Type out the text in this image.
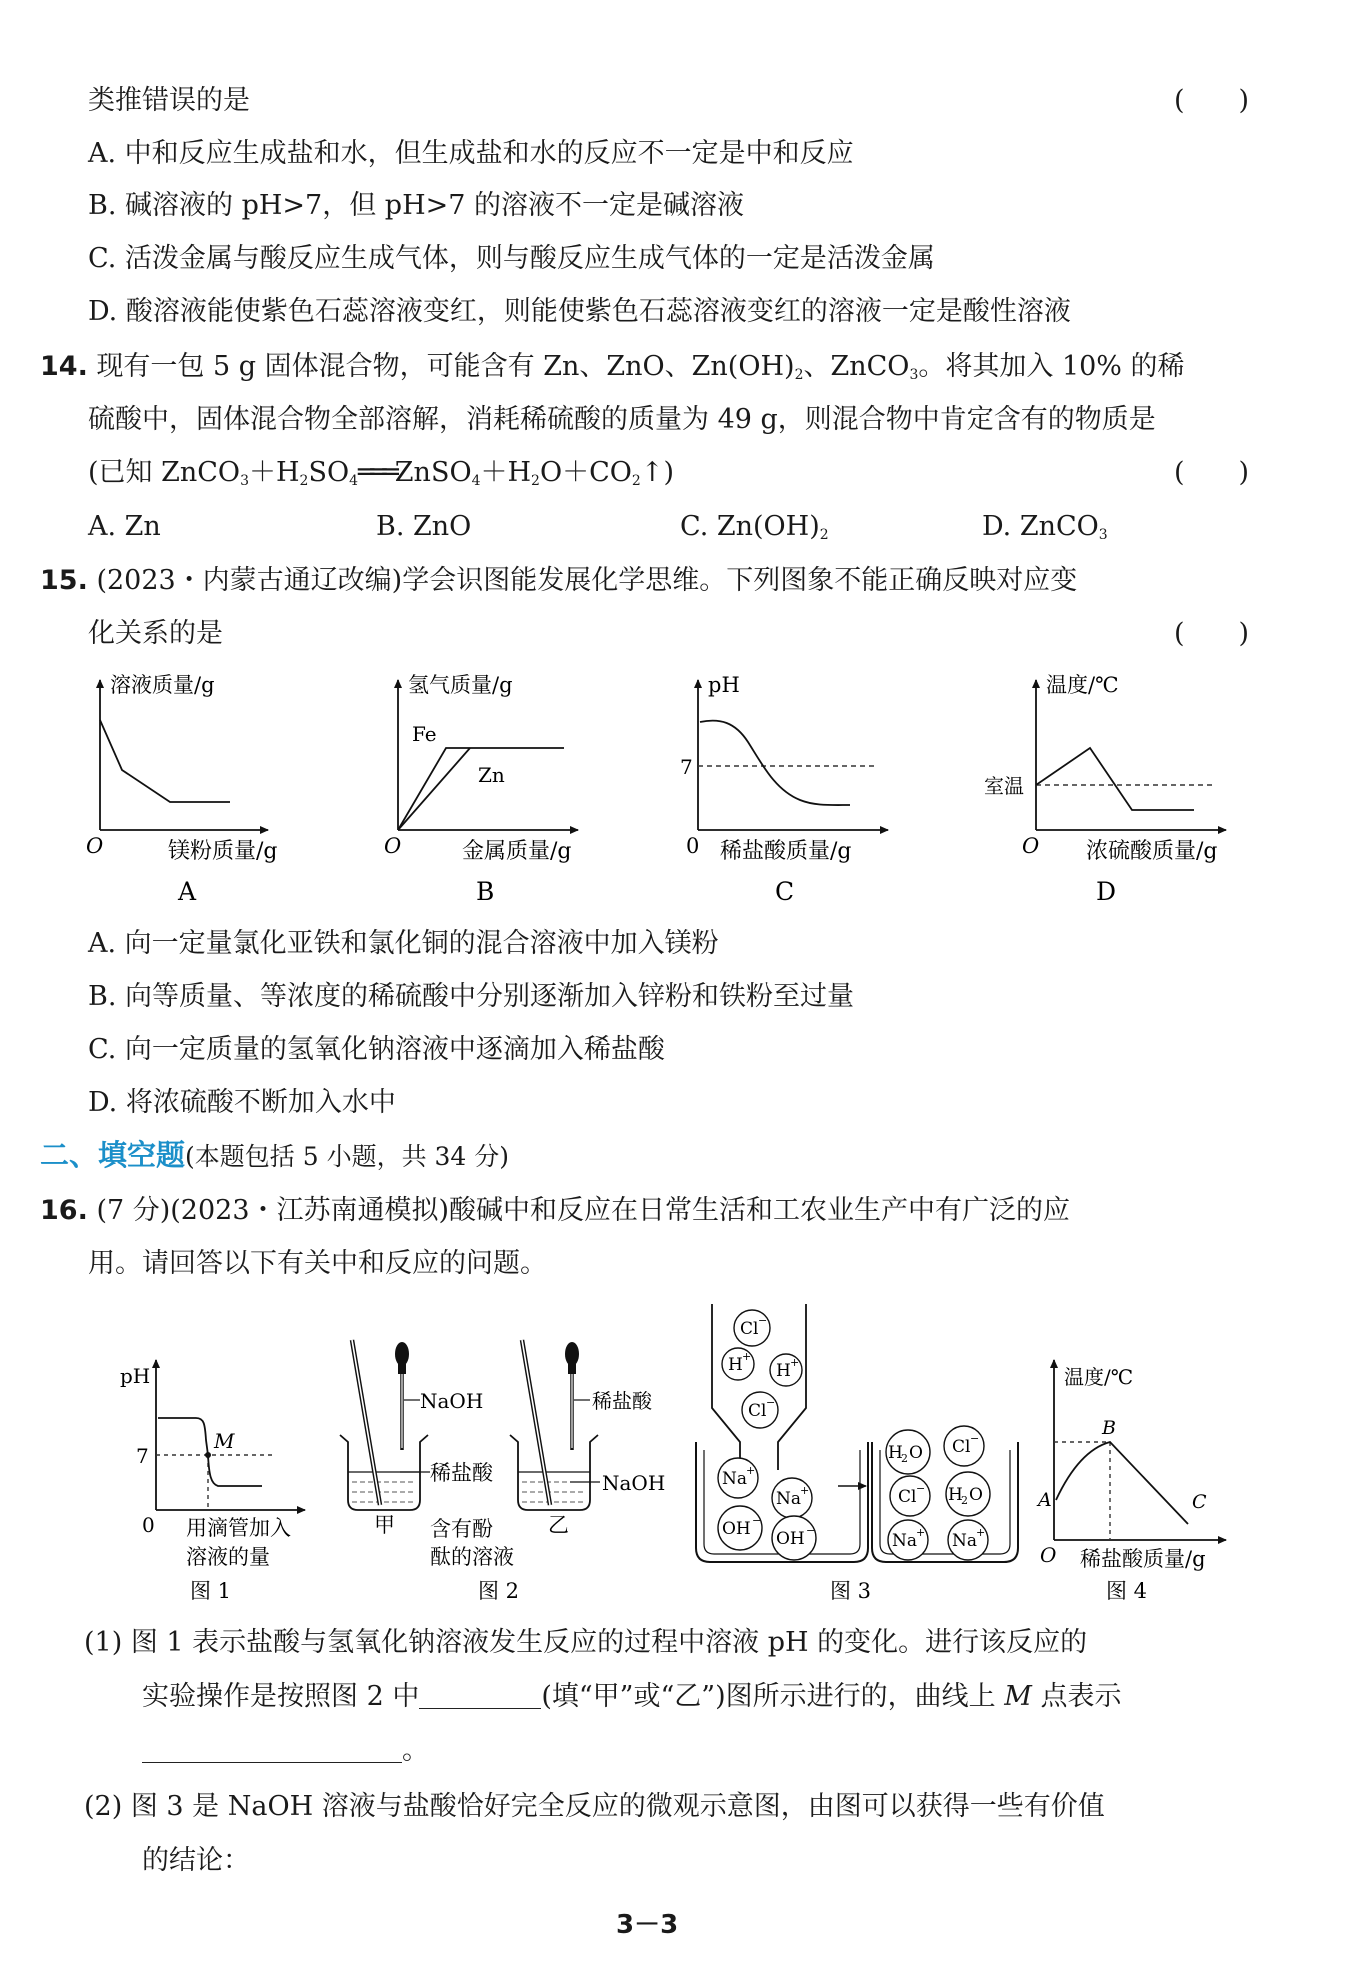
类推错误的是	(　　)
A. 中和反应生成盐和水，但生成盐和水的反应不一定是中和反应
B. 碱溶液的 pH>7，但 pH>7 的溶液不一定是碱溶液
C. 活泼金属与酸反应生成气体，则与酸反应生成气体的一定是活泼金属
D. 酸溶液能使紫色石蕊溶液变红，则能使紫色石蕊溶液变红的溶液一定是酸性溶液
14. 现有一包 5 g 固体混合物，可能含有 Zn、ZnO、$Zn(OH)_2$、ZnCO$_3$。将其加入 10% 的稀
硫酸中，固体混合物全部溶解，消耗稀硫酸的质量为 49 g，则混合物中肯定含有的物质是
(已知 $ZnCO_3+H_2SO_4═══ZnSO_4+H_2O+CO_2↑$)	(　　)
A. Zn	B. ZnO	C. $Zn(OH)_2$	D. ZnCO$_3$
15. (2023・内蒙古通辽改编)学会识图能发展化学思维。下列图象不能正确反映对应变
化关系的是	(　　)
溶液质量/g
O	镁粉质量/g
A
氢气质量/g
Fe
Zn
O	金属质量/g
B
pH
7
0 稀盐酸质量/g
C
温度/℃
室温
O 浓硫酸质量/g
D
A. 向一定量氯化亚铁和氯化铜的混合溶液中加入镁粉
B. 向等质量、等浓度的稀硫酸中分别逐渐加入锌粉和铁粉至过量
C. 向一定质量的氢氧化钠溶液中逐滴加入稀盐酸
D. 将浓硫酸不断加入水中
二、填空题(本题包括 5 小题，共 34 分)
16. (7 分)(2023・江苏南通模拟)酸碱中和反应在日常生活和工农业生产中有广泛的应
用。请回答以下有关中和反应的问题。
pH
7
M
0 用滴管加入
溶液的量
图 1
NaOH
稀盐酸
稀盐酸
NaOH
甲	乙
含有酚
酞的溶液
图 2
Cl −
H +
H +
Cl −
Na
+
Na
+
OH −
OH −
H
2 O Cl −
Cl − H
2 O
Na
+ Na
+
图 3
温度/℃
B
A	C
O 稀盐酸质量/g
图 4
(1) 图 1 表示盐酸与氢氧化钠溶液发生反应的过程中溶液 pH 的变化。进行该反应的
实验操作是按照图 2 中	(填“甲”或“乙”)图所示进行的，曲线上 M 点表示
。
(2) 图 3 是 NaOH 溶液与盐酸恰好完全反应的微观示意图，由图可以获得一些有价值
的结论：
3－3
